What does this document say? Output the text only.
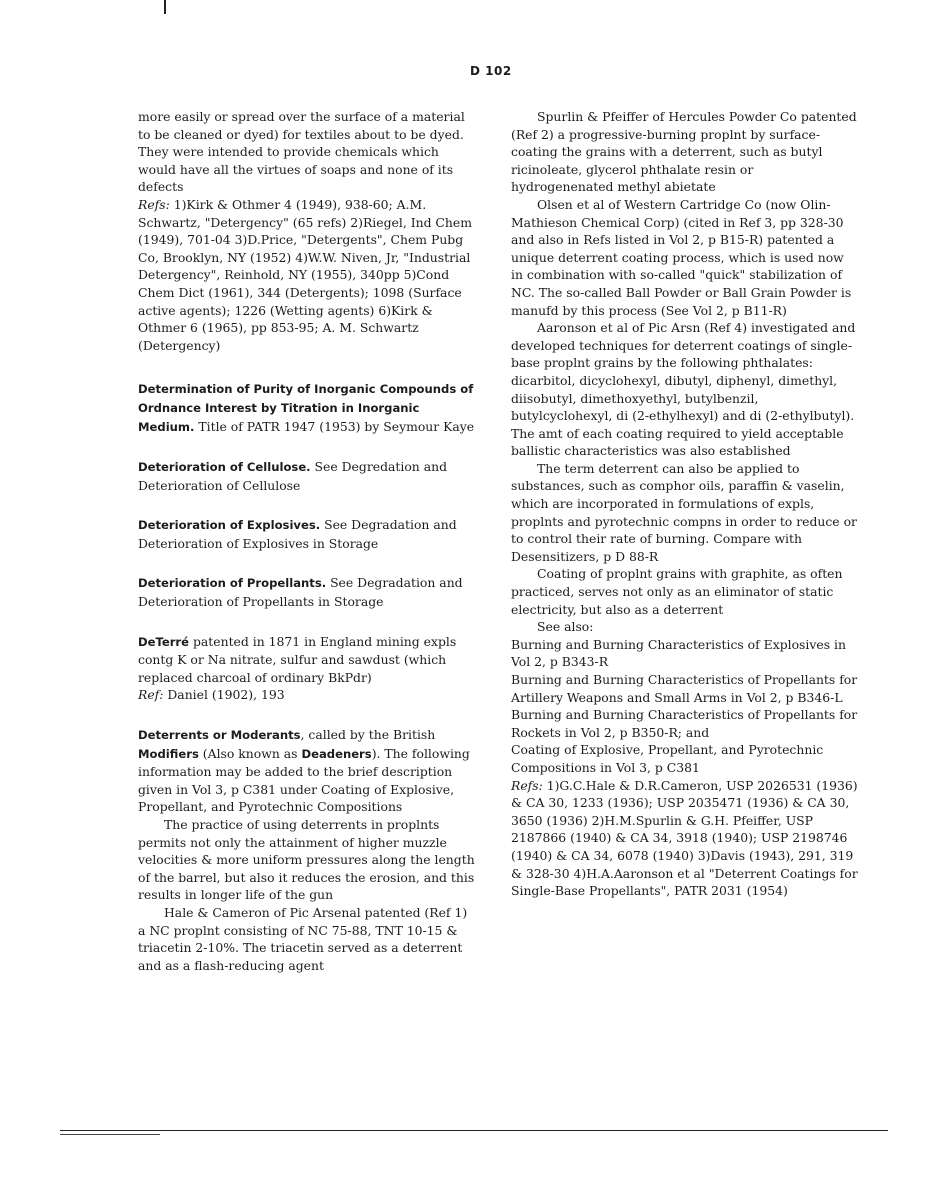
D 102

more easily or spread over the surface of a material to be cleaned or dyed) for textiles about to be dyed. They were intended to provide chemicals which would have all the virtues of soaps and none of its defects

Refs: 1)Kirk & Othmer 4 (1949), 938-60; A.M. Schwartz, "Detergency" (65 refs) 2)Riegel, Ind Chem (1949), 701-04 3)D.Price, "Detergents", Chem Pubg Co, Brooklyn, NY (1952) 4)W.W. Niven, Jr, "Industrial Detergency", Reinhold, NY (1955), 340pp 5)Cond Chem Dict (1961), 344 (Detergents); 1098 (Surface active agents); 1226 (Wetting agents) 6)Kirk & Othmer 6 (1965), pp 853-95; A. M. Schwartz (Detergency)

Determination of Purity of Inorganic Compounds of Ordnance Interest by Titration in Inorganic Medium. Title of PATR 1947 (1953) by Seymour Kaye

Deterioration of Cellulose. See Degredation and Deterioration of Cellulose

Deterioration of Explosives. See Degradation and Deterioration of Explosives in Storage

Deterioration of Propellants. See Degradation and Deterioration of Propellants in Storage

DeTerré patented in 1871 in England mining expls contg K or Na nitrate, sulfur and sawdust (which replaced charcoal of ordinary BkPdr)

Ref: Daniel (1902), 193

Deterrents or Moderants, called by the British Modifiers (Also known as Deadeners). The following information may be added to the brief description given in Vol 3, p C381 under Coating of Explosive, Propellant, and Pyrotechnic Compositions

The practice of using deterrents in proplnts permits not only the attainment of higher muzzle velocities & more uniform pressures along the length of the barrel, but also it reduces the erosion, and this results in longer life of the gun

Hale & Cameron of Pic Arsenal patented (Ref 1) a NC proplnt consisting of NC 75-88, TNT 10-15 & triacetin 2-10%. The triacetin served as a deterrent and as a flash-reducing agent

Spurlin & Pfeiffer of Hercules Powder Co patented (Ref 2) a progressive-burning proplnt by surface-coating the grains with a deterrent, such as butyl ricinoleate, glycerol phthalate resin or hydrogenenated methyl abietate

Olsen et al of Western Cartridge Co (now Olin-Mathieson Chemical Corp) (cited in Ref 3, pp 328-30 and also in Refs listed in Vol 2, p B15-R) patented a unique deterrent coating process, which is used now in combination with so-called "quick" stabilization of NC. The so-called Ball Powder or Ball Grain Powder is manufd by this process (See Vol 2, p B11-R)

Aaronson et al of Pic Arsn (Ref 4) investigated and developed techniques for deterrent coatings of single-base proplnt grains by the following phthalates: dicarbitol, dicyclohexyl, dibutyl, diphenyl, dimethyl, diisobutyl, dimethoxyethyl, butylbenzil, butylcyclohexyl, di (2-ethylhexyl) and di (2-ethylbutyl). The amt of each coating required to yield acceptable ballistic characteristics was also established

The term deterrent can also be applied to substances, such as comphor oils, paraffin & vaselin, which are incorporated in formulations of expls, proplnts and pyrotechnic compns in order to reduce or to control their rate of burning. Compare with Desensitizers, p D 88-R

Coating of proplnt grains with graphite, as often practiced, serves not only as an eliminator of static electricity, but also as a deterrent

See also:

Burning and Burning Characteristics of Explosives in Vol 2, p B343-R

Burning and Burning Characteristics of Propellants for Artillery Weapons and Small Arms in Vol 2, p B346-L

Burning and Burning Characteristics of Propellants for Rockets in Vol 2, p B350-R; and

Coating of Explosive, Propellant, and Pyrotechnic Compositions in Vol 3, p C381

Refs: 1)G.C.Hale & D.R.Cameron, USP 2026531 (1936) & CA 30, 1233 (1936); USP 2035471 (1936) & CA 30, 3650 (1936) 2)H.M.Spurlin & G.H. Pfeiffer, USP 2187866 (1940) & CA 34, 3918 (1940); USP 2198746 (1940) & CA 34, 6078 (1940) 3)Davis (1943), 291, 319 & 328-30 4)H.A.Aaronson et al "Deterrent Coatings for Single-Base Propellants", PATR 2031 (1954)
